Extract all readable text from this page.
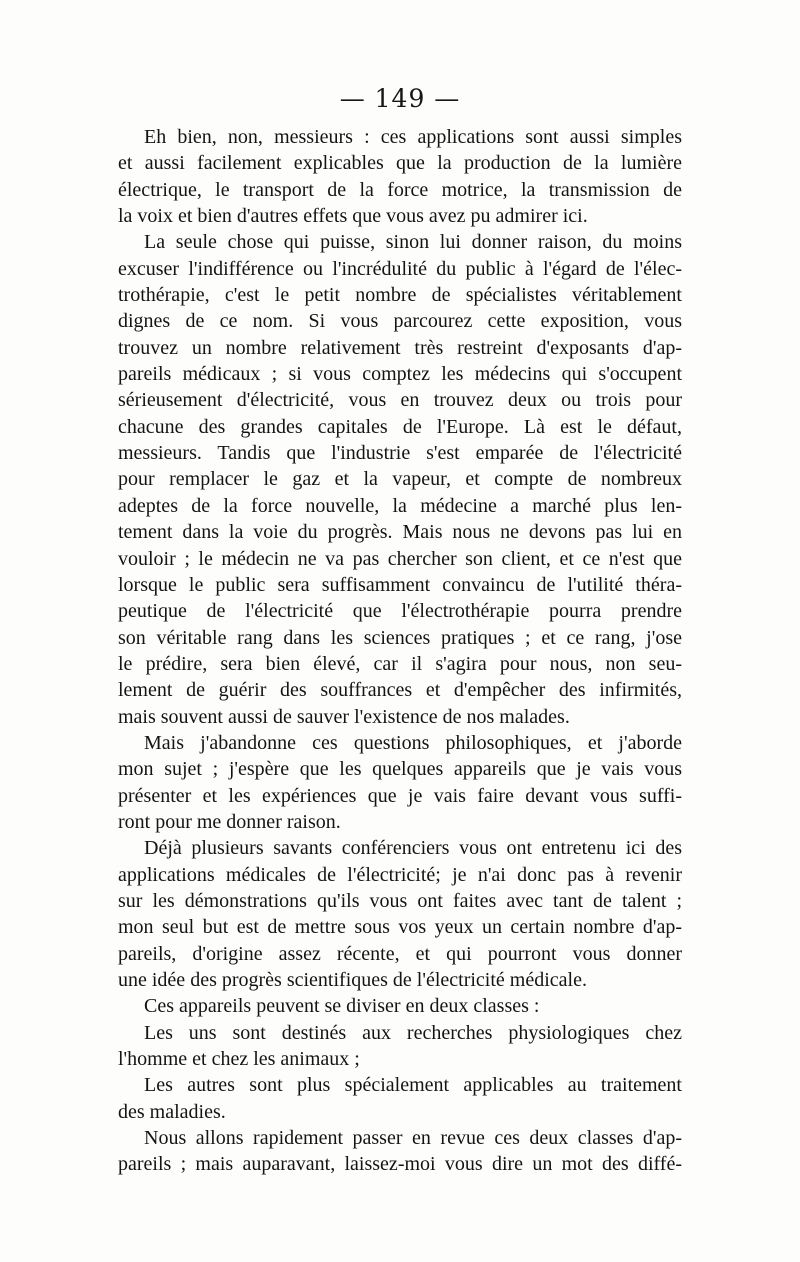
— 149 —
Eh bien, non, messieurs : ces applications sont aussi simples
et aussi facilement explicables que la production de la lumière
électrique, le transport de la force motrice, la transmission de
la voix et bien d'autres effets que vous avez pu admirer ici.
La seule chose qui puisse, sinon lui donner raison, du moins
excuser l'indifférence ou l'incrédulité du public à l'égard de l'élec-
trothérapie, c'est le petit nombre de spécialistes véritablement
dignes de ce nom. Si vous parcourez cette exposition, vous
trouvez un nombre relativement très restreint d'exposants d'ap-
pareils médicaux ; si vous comptez les médecins qui s'occupent
sérieusement d'électricité, vous en trouvez deux ou trois pour
chacune des grandes capitales de l'Europe. Là est le défaut,
messieurs. Tandis que l'industrie s'est emparée de l'électricité
pour remplacer le gaz et la vapeur, et compte de nombreux
adeptes de la force nouvelle, la médecine a marché plus len-
tement dans la voie du progrès. Mais nous ne devons pas lui en
vouloir ; le médecin ne va pas chercher son client, et ce n'est que
lorsque le public sera suffisamment convaincu de l'utilité théra-
peutique de l'électricité que l'électrothérapie pourra prendre
son véritable rang dans les sciences pratiques ; et ce rang, j'ose
le prédire, sera bien élevé, car il s'agira pour nous, non seu-
lement de guérir des souffrances et d'empêcher des infirmités,
mais souvent aussi de sauver l'existence de nos malades.
Mais j'abandonne ces questions philosophiques, et j'aborde
mon sujet ; j'espère que les quelques appareils que je vais vous
présenter et les expériences que je vais faire devant vous suffi-
ront pour me donner raison.
Déjà plusieurs savants conférenciers vous ont entretenu ici des
applications médicales de l'électricité; je n'ai donc pas à revenir
sur les démonstrations qu'ils vous ont faites avec tant de talent ;
mon seul but est de mettre sous vos yeux un certain nombre d'ap-
pareils, d'origine assez récente, et qui pourront vous donner
une idée des progrès scientifiques de l'électricité médicale.
Ces appareils peuvent se diviser en deux classes :
Les uns sont destinés aux recherches physiologiques chez
l'homme et chez les animaux ;
Les autres sont plus spécialement applicables au traitement
des maladies.
Nous allons rapidement passer en revue ces deux classes d'ap-
pareils ; mais auparavant, laissez-moi vous dire un mot des diffé-
